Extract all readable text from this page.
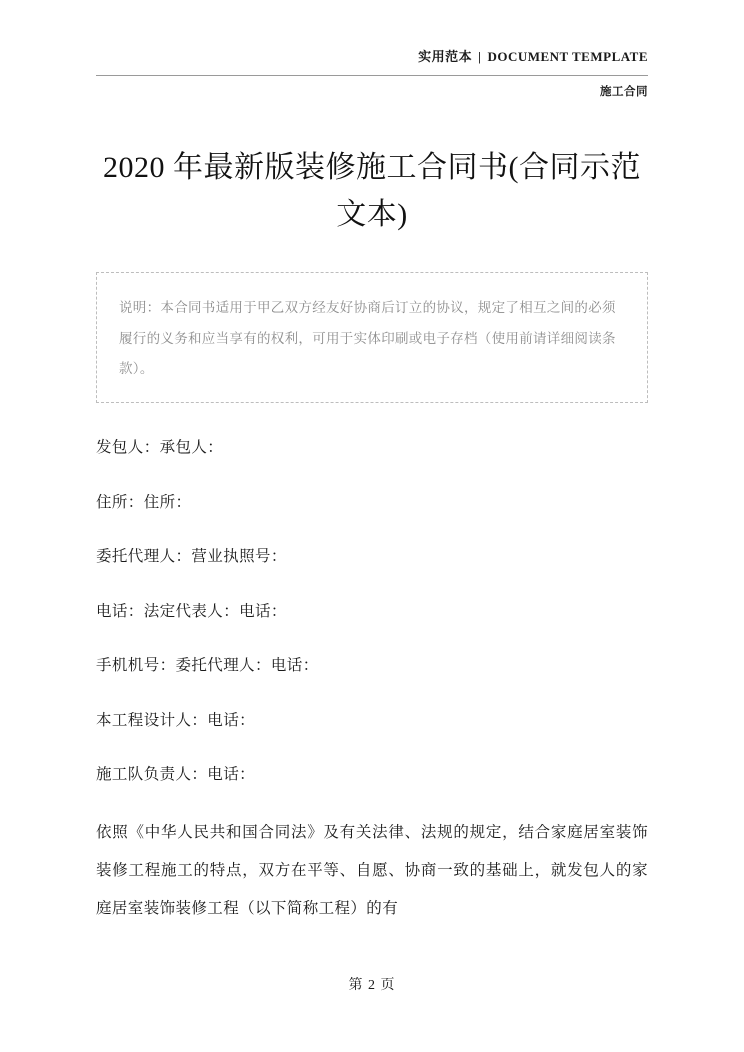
实用范本 | DOCUMENT TEMPLATE
施工合同
2020 年最新版装修施工合同书(合同示范文本)
说明：本合同书适用于甲乙双方经友好协商后订立的协议，规定了相互之间的必须履行的义务和应当享有的权利，可用于实体印刷或电子存档（使用前请详细阅读条款）。

发包人：承包人：

住所：住所：

委托代理人：营业执照号：

电话：法定代表人：电话：

手机机号：委托代理人：电话：

本工程设计人：电话：

施工队负责人：电话：

依照《中华人民共和国合同法》及有关法律、法规的规定，结合家庭居室装饰装修工程施工的特点，双方在平等、自愿、协商一致的基础上，就发包人的家庭居室装饰装修工程（以下简称工程）的有

第 2 页
